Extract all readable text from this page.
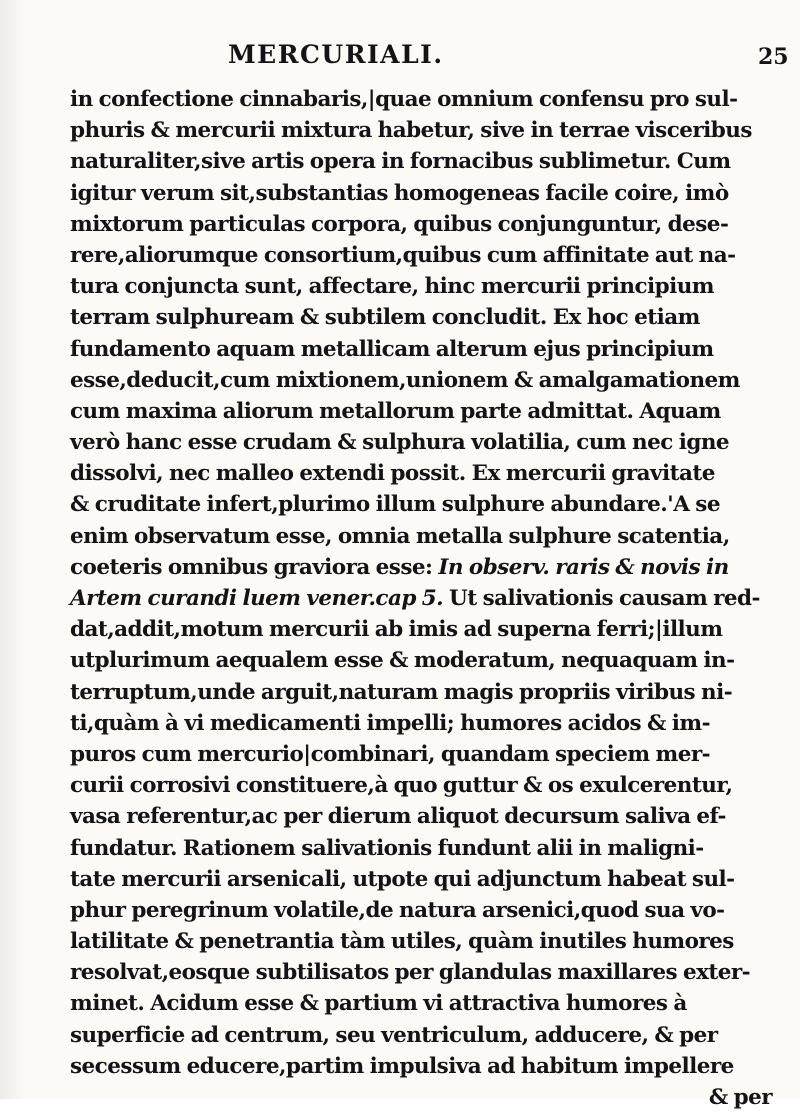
MERCURIALI.	25
in confectione cinnabaris,|quae omnium confensu pro sul-
phuris & mercurii mixtura habetur, sive in terrae visceribus
naturaliter,sive artis opera in fornacibus sublimetur. Cum
igitur verum sit,substantias homogeneas facile coire, imò
mixtorum particulas corpora, quibus conjunguntur, dese-
rere,aliorumque consortium,quibus cum affinitate aut na-
tura conjuncta sunt, affectare, hinc mercurii principium
terram sulphuream & subtilem concludit. Ex hoc etiam
fundamento aquam metallicam alterum ejus principium
esse,deducit,cum mixtionem,unionem & amalgamationem
cum maxima aliorum metallorum parte admittat. Aquam
verò hanc esse crudam & sulphura volatilia, cum nec igne
dissolvi, nec malleo extendi possit. Ex mercurii gravitate
& cruditate infert,plurimo illum sulphure abundare.'A se
enim observatum esse, omnia metalla sulphure scatentia,
coeteris omnibus graviora esse: In observ. raris & novis in
Artem curandi luem vener.cap 5. Ut salivationis causam red-
dat,addit,motum mercurii ab imis ad superna ferri;|illum
utplurimum aequalem esse & moderatum, nequaquam in-
terruptum,unde arguit,naturam magis propriis viribus ni-
ti,quàm à vi medicamenti impelli; humores acidos & im-
puros cum mercurio|combinari, quandam speciem mer-
curii corrosivi constituere,à quo guttur & os exulcerentur,
vasa referentur,ac per dierum aliquot decursum saliva ef-
fundatur. Rationem salivationis fundunt alii in maligni-
tate mercurii arsenicali, utpote qui adjunctum habeat sul-
phur peregrinum volatile,de natura arsenici,quod sua vo-
latilitate & penetrantia tàm utiles, quàm inutiles humores
resolvat,eosque subtilisatos per glandulas maxillares exter-
minet. Acidum esse & partium vi attractiva humores à
superficie ad centrum, seu ventriculum, adducere, & per
secessum educere,partim impulsiva ad habitum impellere
& per
